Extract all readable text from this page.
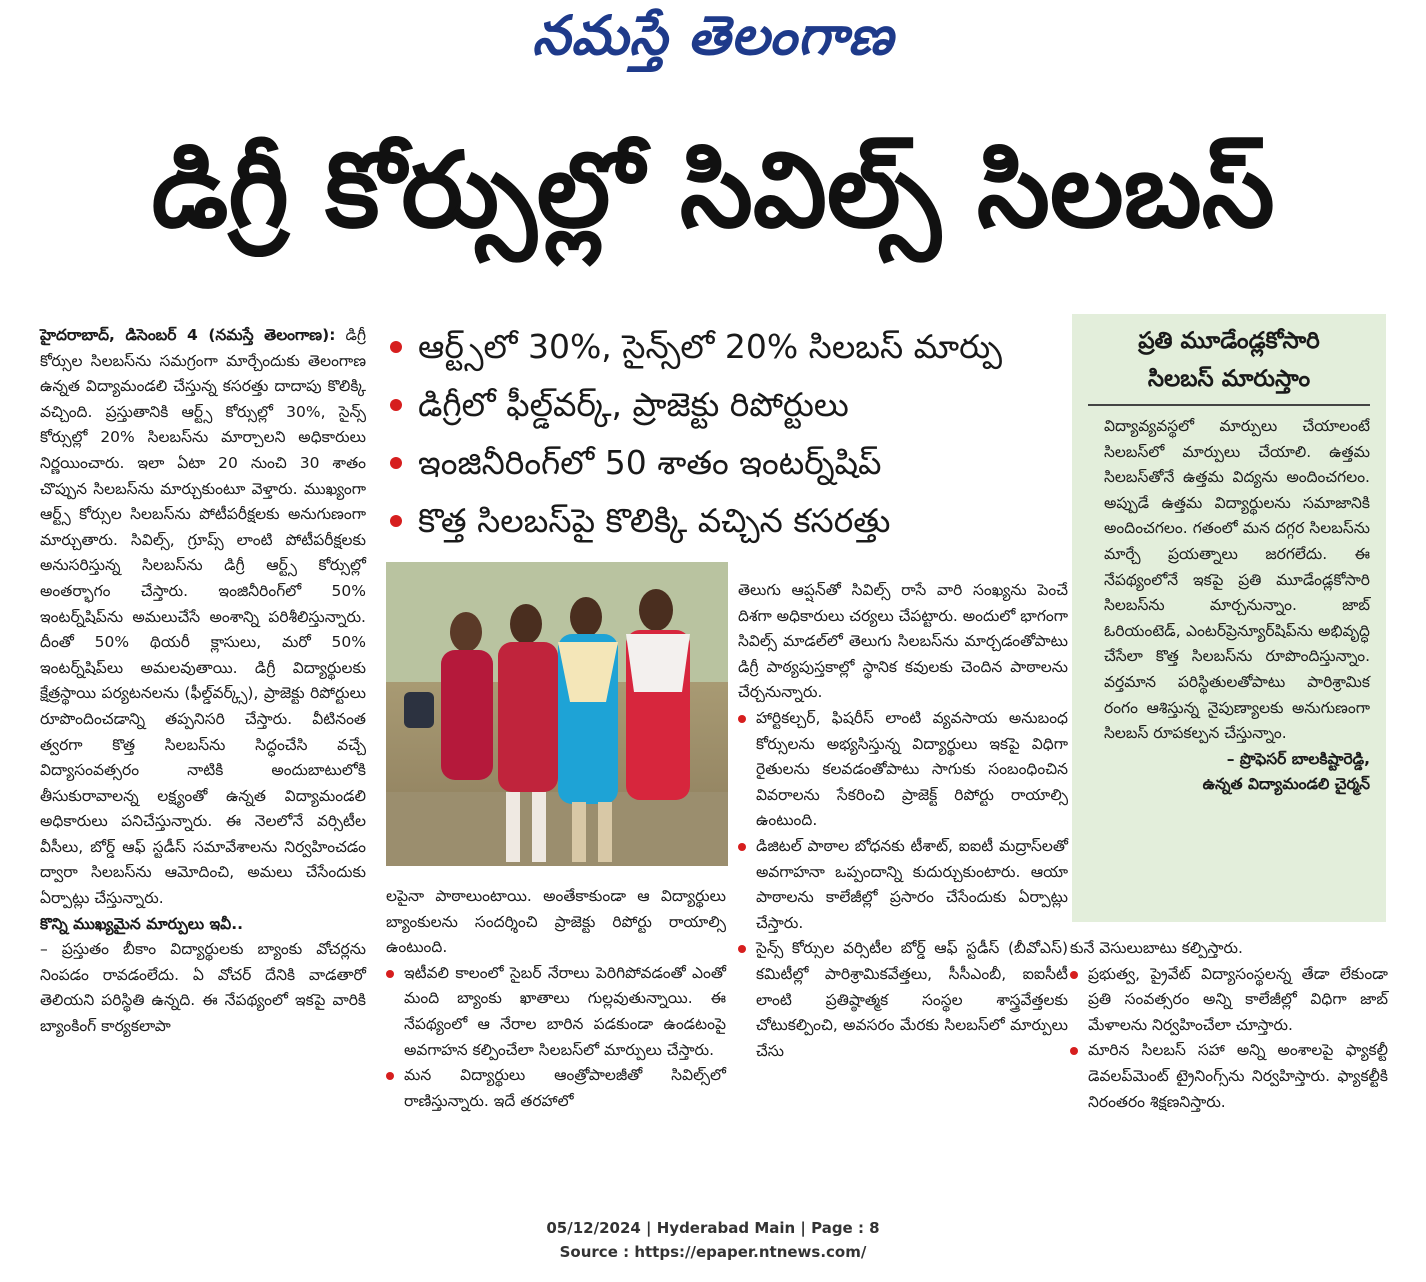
నమస్తే తెలంగాణ
డిగ్రీ కోర్సుల్లో సివిల్స్ సిలబస్
ఆర్ట్స్‌లో 30%, సైన్స్‌లో 20% సిలబస్ మార్పు
డిగ్రీలో ఫీల్డ్‌వర్క్, ప్రాజెక్టు రిపోర్టులు
ఇంజినీరింగ్‌లో 50 శాతం ఇంటర్న్‌షిప్
కొత్త సిలబస్‌పై కొలిక్కి వచ్చిన కసరత్తు

హైదరాబాద్, డిసెంబర్ 4 (నమస్తే తెలంగాణ): డిగ్రీ కోర్సుల సిలబస్‌ను సమగ్రంగా మార్చేందుకు తెలంగాణ ఉన్నత విద్యామండలి చేస్తున్న కసరత్తు దాదాపు కొలిక్కి వచ్చింది. ప్రస్తుతానికి ఆర్ట్స్ కోర్సుల్లో 30%, సైన్స్ కోర్సుల్లో 20% సిలబస్‌ను మార్చాలని అధికారులు నిర్ణయించారు. ఇలా ఏటా 20 నుంచి 30 శాతం చొప్పున సిలబస్‌ను మార్చుకుంటూ వెళ్తారు. ముఖ్యంగా ఆర్ట్స్ కోర్సుల సిలబస్‌ను పోటీపరీక్షలకు అనుగుణంగా మార్చుతారు. సివిల్స్, గ్రూప్స్ లాంటి పోటీపరీక్షలకు అనుసరిస్తున్న సిలబస్‌ను డిగ్రీ ఆర్ట్స్ కోర్సుల్లో అంతర్భాగం చేస్తారు. ఇంజినీరింగ్‌లో 50% ఇంటర్న్‌షిప్‌ను అమలుచేసే అంశాన్ని పరిశీలిస్తున్నారు. దీంతో 50% థియరీ క్లాసులు, మరో 50% ఇంటర్న్‌షిప్‌లు అమలవుతాయి. డిగ్రీ విద్యార్థులకు క్షేత్రస్థాయి పర్యటనలను (ఫీల్డ్‌వర్క్స్), ప్రాజెక్టు రిపోర్టులు రూపొందించడాన్ని తప్పనిసరి చేస్తారు. వీటినంత త్వరగా కొత్త సిలబస్‌ను సిద్ధంచేసి వచ్చే విద్యాసంవత్సరం నాటికి అందుబాటులోకి తీసుకురావాలన్న లక్ష్యంతో ఉన్నత విద్యామండలి అధికారులు పనిచేస్తున్నారు. ఈ నెలలోనే వర్సిటీల వీసీలు, బోర్డ్ ఆఫ్ స్టడీస్ సమావేశాలను నిర్వహించడం ద్వారా సిలబస్‌ను ఆమోదించి, అమలు చేసేందుకు ఏర్పాట్లు చేస్తున్నారు.

కొన్ని ముఖ్యమైన మార్పులు ఇవీ..

– ప్రస్తుతం బీకాం విద్యార్థులకు బ్యాంకు వోచర్లను నింపడం రావడంలేదు. ఏ వోచర్ దేనికి వాడతారో తెలియని పరిస్థితి ఉన్నది. ఈ నేపథ్యంలో ఇకపై వారికి బ్యాంకింగ్ కార్యకలాపా

లపైనా పాఠాలుంటాయి. అంతేకాకుండా ఆ విద్యార్థులు బ్యాంకులను సందర్శించి ప్రాజెక్టు రిపోర్టు రాయాల్సి ఉంటుంది.

ఇటీవలి కాలంలో సైబర్ నేరాలు పెరిగిపోవడంతో ఎంతో మంది బ్యాంకు ఖాతాలు గుల్లవుతున్నాయి. ఈ నేపథ్యంలో ఆ నేరాల బారిన పడకుండా ఉండటంపై అవగాహన కల్పించేలా సిలబస్‌లో మార్పులు చేస్తారు.

మన విద్యార్థులు ఆంత్రోపాలజీతో సివిల్స్‌లో రాణిస్తున్నారు. ఇదే తరహాలో

తెలుగు ఆప్షన్‌తో సివిల్స్ రాసే వారి సంఖ్యను పెంచే దిశగా అధికారులు చర్యలు చేపట్టారు. అందులో భాగంగా సివిల్స్ మాడల్‌లో తెలుగు సిలబస్‌ను మార్చడంతోపాటు డిగ్రీ పాఠ్యపుస్తకాల్లో స్థానిక కవులకు చెందిన పాఠాలను చేర్చనున్నారు.

హార్టికల్చర్, ఫిషరీస్ లాంటి వ్యవసాయ అనుబంధ కోర్సులను అభ్యసిస్తున్న విద్యార్థులు ఇకపై విధిగా రైతులను కలవడంతోపాటు సాగుకు సంబంధించిన వివరాలను సేకరించి ప్రాజెక్ట్ రిపోర్టు రాయాల్సి ఉంటుంది.

డిజిటల్ పాఠాల బోధనకు టీశాట్, ఐఐటీ మద్రాస్‌లతో అవగాహనా ఒప్పందాన్ని కుదుర్చుకుంటారు. ఆయా పాఠాలను కాలేజీల్లో ప్రసారం చేసేందుకు ఏర్పాట్లు చేస్తారు.

సైన్స్ కోర్సుల వర్సిటీల బోర్డ్ ఆఫ్ స్టడీస్ (బీవోఎస్) కమిటీల్లో పారిశ్రామికవేత్తలు, సీసీఎంబీ, ఐఐసీటీ లాంటి ప్రతిష్ఠాత్మక సంస్థల శాస్త్రవేత్తలకు చోటుకల్పించి, అవసరం మేరకు సిలబస్‌లో మార్పులు చేసు

ప్రతి మూడేండ్లకోసారి
సిలబస్ మారుస్తాం
విద్యావ్యవస్థలో మార్పులు చేయాలంటే సిలబస్‌లో మార్పులు చేయాలి. ఉత్తమ సిలబస్‌తోనే ఉత్తమ విద్యను అందించగలం. అప్పుడే ఉత్తమ విద్యార్థులను సమాజానికి అందించగలం. గతంలో మన దగ్గర సిలబస్‌ను మార్చే ప్రయత్నాలు జరగలేదు. ఈ నేపథ్యంలోనే ఇకపై ప్రతి మూడేండ్లకోసారి సిలబస్‌ను మార్చనున్నాం. జాబ్ ఓరియంటెడ్, ఎంటర్‌ప్రెన్యూర్‌షిప్‌ను అభివృద్ధి చేసేలా కొత్త సిలబస్‌ను రూపొందిస్తున్నాం. వర్తమాన పరిస్థితులతోపాటు పారిశ్రామిక రంగం ఆశిస్తున్న నైపుణ్యాలకు అనుగుణంగా సిలబస్ రూపకల్పన చేస్తున్నాం.
– ప్రొఫెసర్ బాలకిష్టారెడ్డి,
ఉన్నత విద్యామండలి చైర్మన్

కునే వెసులుబాటు కల్పిస్తారు.

ప్రభుత్వ, ప్రైవేట్ విద్యాసంస్థలన్న తేడా లేకుండా ప్రతి సంవత్సరం అన్ని కాలేజీల్లో విధిగా జాబ్ మేళాలను నిర్వహించేలా చూస్తారు.

మారిన సిలబస్ సహా అన్ని అంశాలపై ఫ్యాకల్టీ డెవలప్‌మెంట్ ట్రైనింగ్స్‌ను నిర్వహిస్తారు. ఫ్యాకల్టీకి నిరంతరం శిక్షణనిస్తారు.

05/12/2024 | Hyderabad Main | Page : 8
Source : https://epaper.ntnews.com/
